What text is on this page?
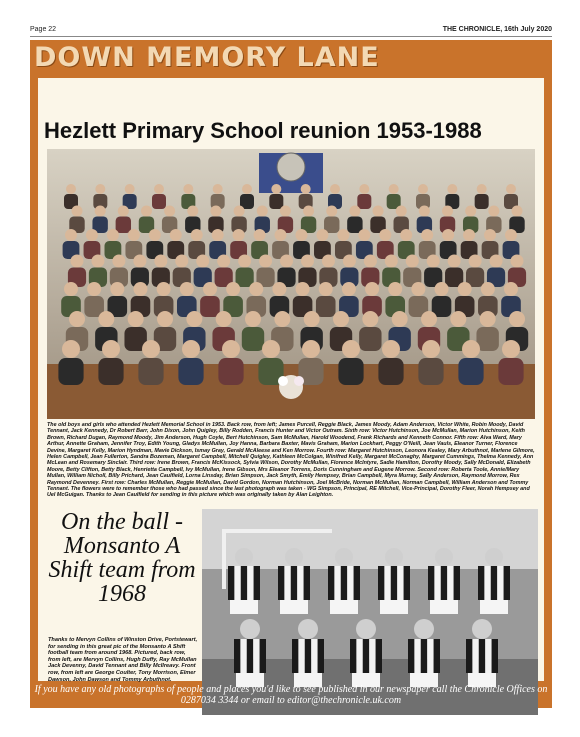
Page 22	THE CHRONICLE, 16th July 2020
DOWN MEMORY LANE
Hezlett Primary School reunion 1953-1988
The old boys and girls who attended Hezlett Memorial School in 1953. Back row, from left; James Purcell, Reggie Black, James Moody, Adam Anderson, Victor White, Robin Moody, David Tennant, Jack Kennedy, Dr Robert Barr, John Dixon, John Quigley, Billy Rodden, Francis Hunter and Victor Outram. Sixth row: Victor Hutchinson, Joe McMullan, Marion Hutchinson, Keith Brown, Richard Dugan, Raymond Moody, Jim Anderson, Hugh Coyle, Bert Hutchinson, Sam McMullan, Harold Woodend, Frank Richards and Kenneth Connor. Fifth row: Alva Ward, Mary Arthur, Annette Graham, Jennifer Troy, Edith Young, Gladys McMullan, Joy Hanna, Barbara Baxter, Mavis Graham, Marion Lockhart, Peggy O'Neill, Jean Vauls, Eleanor Turner, Florence Devine, Margaret Kelly, Marion Hyndman, Mavie Dickson, Ismay Gray, Gerald McAleese and Ken Morrow. Fourth row: Margaret Hutchinson, Leonora Kealey, Mary Arbuthnot, Marlene Gilmore, Helen Campbell, Jean Fullerton, Sandra Bozeman, Margaret Campbell, Mitchell Quigley, Kathleen McColgan, Winifred Kelly, Margaret McConaghy, Margaret Cummings, Thelma Kennedy, Ann McLean and Rosemary Sinclair. Third row: Irene Brown, Francis McKissock, Sylvia Wilson, Dorothy McMullan, Florence McIntyre, Sadie Hamilton, Dorothy Moody, Sally McDonald, Elizabeth Moore, Betty Clifton, Betty Black, Henrietta Campbell, Ivy McMullan, Irene Gibson, Mrs Eleanor Torrens, Doris Cunningham and Eugene Morrow. Second row: Roberta Toole, Annie/Mary Mullan, William Nicholl, Billy Prichard, Jean Caulfield, Lorna Linsday, Brian Simpson, Jack Smyth, Emily Hempsey, Brian Campbell, Myra Murray, Sally Anderson, Raymond Morrow, Rex Raymond Devenney. First row: Charles McMullan, Reggie McMullan, David Gordon, Norman Hutchinson, Joel McBride, Norman McMullan, Norman Campbell, William Anderson and Tommy Tennant. The flowers were to remember those who had passed since the last photograph was taken - WG Simpson, Principal, RE Mitchell, Vice-Principal, Dorothy Fleer, Norah Hempsey and Uel McGuigan. Thanks to Jean Caulfield for sending in this picture which was originally taken by Alan Leighton.
On the ball - Monsanto A Shift team from 1968
Thanks to Mervyn Collins of Winston Drive, Portstewart, for sending in this great pic of the Monsanto A Shift football team from around 1968. Pictured, back row, from left, are Mervyn Collins, Hugh Duffy, Ray McMullan Jack Devenny, David Tennant and Billy McIlreavy. Front row, from left are George Coulter, Tony Morrison, Elmer Dawson, John Dawson and Tommy Arbuthnot.
If you have any old photographs of people and places you'd like to see published in our newspaper call the Chronicle Offices on 0287034 3344 or email to editor@thechronicle.uk.com
